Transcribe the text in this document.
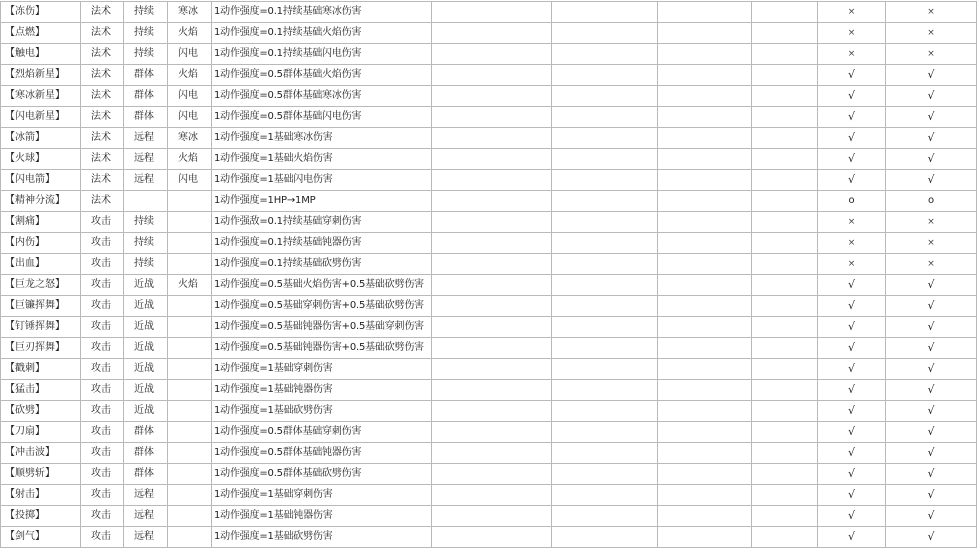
【冻伤】	法术	持续	寒冰	1动作强度=0.1持续基础寒冰伤害					×	×
【点燃】	法术	持续	火焰	1动作强度=0.1持续基础火焰伤害					×	×
【触电】	法术	持续	闪电	1动作强度=0.1持续基础闪电伤害					×	×
【烈焰新星】	法术	群体	火焰	1动作强度=0.5群体基础火焰伤害					√	√
【寒冰新星】	法术	群体	闪电	1动作强度=0.5群体基础寒冰伤害					√	√
【闪电新星】	法术	群体	闪电	1动作强度=0.5群体基础闪电伤害					√	√
【冰箭】	法术	远程	寒冰	1动作强度=1基础寒冰伤害					√	√
【火球】	法术	远程	火焰	1动作强度=1基础火焰伤害					√	√
【闪电箭】	法术	远程	闪电	1动作强度=1基础闪电伤害					√	√
【精神分流】	法术			1动作强度=1HP→1MP					o	o
【割痛】	攻击	持续		1动作强敌=0.1持续基础穿刺伤害					×	×
【内伤】	攻击	持续		1动作强度=0.1持续基础钝器伤害					×	×
【出血】	攻击	持续		1动作强度=0.1持续基础砍劈伤害					×	×
【巨龙之怒】	攻击	近战	火焰	1动作强度=0.5基础火焰伤害+0.5基础砍劈伤害					√	√
【巨镰挥舞】	攻击	近战		1动作强度=0.5基础穿刺伤害+0.5基础砍劈伤害					√	√
【钉锤挥舞】	攻击	近战		1动作强度=0.5基础钝器伤害+0.5基础穿刺伤害					√	√
【巨刃挥舞】	攻击	近战		1动作强度=0.5基础钝器伤害+0.5基础砍劈伤害					√	√
【戳刺】	攻击	近战		1动作强度=1基础穿刺伤害					√	√
【猛击】	攻击	近战		1动作强度=1基础钝器伤害					√	√
【砍劈】	攻击	近战		1动作强度=1基础砍劈伤害					√	√
【刀扇】	攻击	群体		1动作强度=0.5群体基础穿刺伤害					√	√
【冲击波】	攻击	群体		1动作强度=0.5群体基础钝器伤害					√	√
【顺劈斩】	攻击	群体		1动作强度=0.5群体基础砍劈伤害					√	√
【射击】	攻击	远程		1动作强度=1基础穿刺伤害					√	√
【投掷】	攻击	远程		1动作强度=1基础钝器伤害					√	√
【剑气】	攻击	远程		1动作强度=1基础砍劈伤害					√	√
